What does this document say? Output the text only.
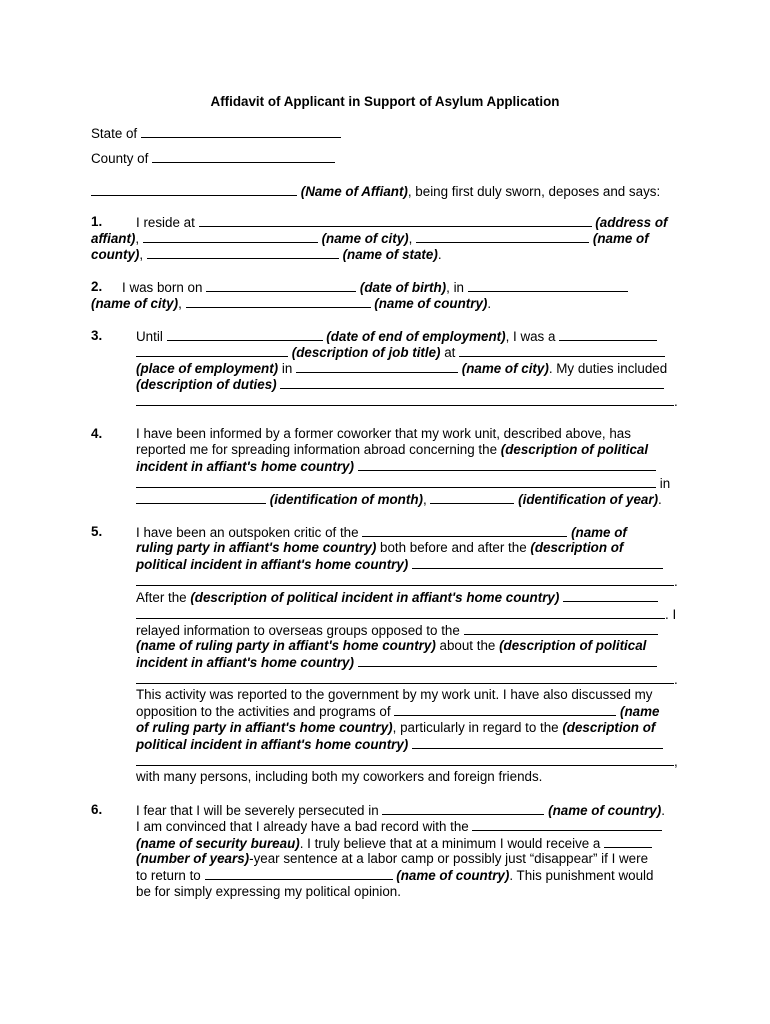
Affidavit of Applicant in Support of Asylum Application
State of
County of
(Name of Affiant), being first duly sworn, deposes and says:
1.	I reside at	(address of
affiant),	(name of city),	(name of
county),	(name of state).
2. I was born on	(date of birth), in
(name of city),	(name of country).
3.	Until	(date of end of employment), I was a
(description of job title) at
(place of employment) in	(name of city). My duties included
(description of duties)
.
4.	I have been informed by a former coworker that my work unit, described above, has
reported me for spreading information abroad concerning the (description of political
incident in affiant's home country)
in
(identification of month),	(identification of year).
5.	I have been an outspoken critic of the	(name of
ruling party in affiant's home country) both before and after the (description of
political incident in affiant's home country)
.
After the (description of political incident in affiant's home country)
. I
relayed information to overseas groups opposed to the
(name of ruling party in affiant's home country) about the (description of political
incident in affiant's home country)
.
This activity was reported to the government by my work unit. I have also discussed my
opposition to the activities and programs of	(name
of ruling party in affiant's home country), particularly in regard to the (description of
political incident in affiant's home country)
,
with many persons, including both my coworkers and foreign friends.
6.	I fear that I will be severely persecuted in	(name of country).
I am convinced that I already have a bad record with the
(name of security bureau). I truly believe that at a minimum I would receive a
(number of years)-year sentence at a labor camp or possibly just “disappear” if I were
to return to	(name of country). This punishment would
be for simply expressing my political opinion.
